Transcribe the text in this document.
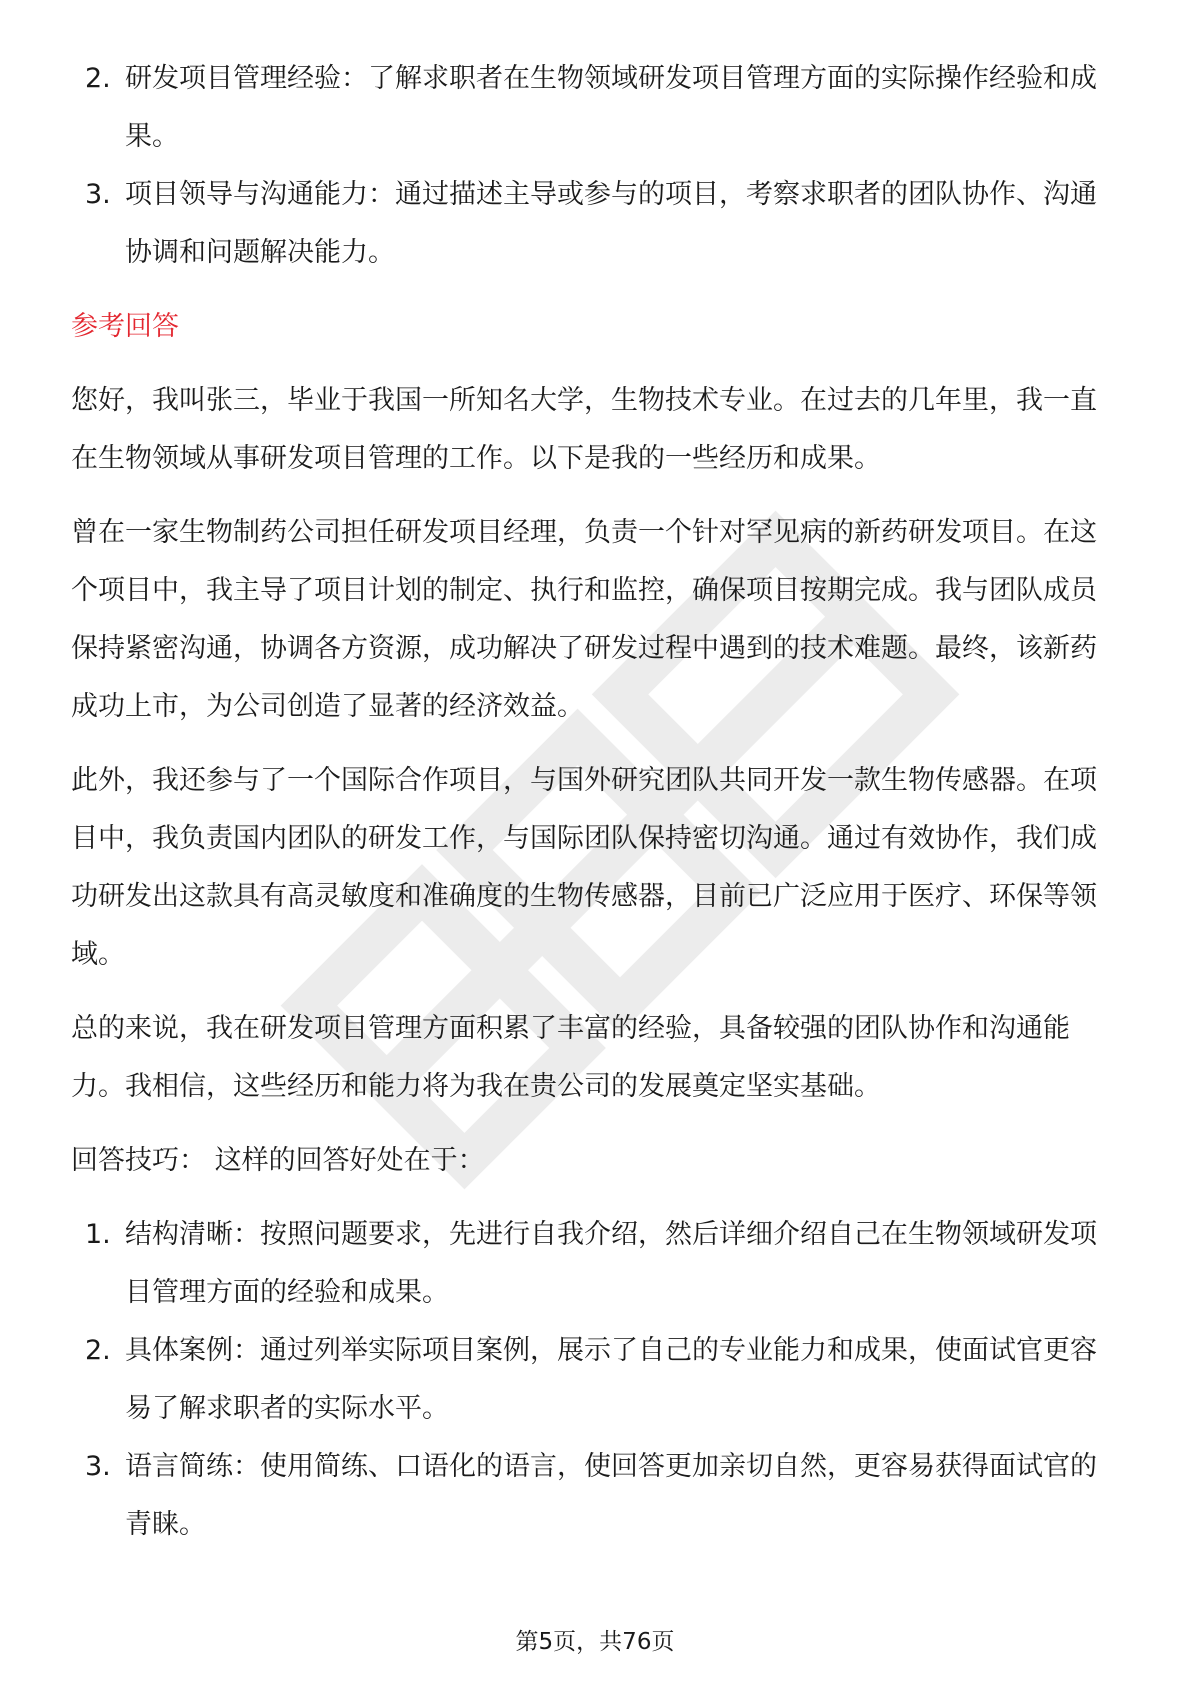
2. 研发项目管理经验：了解求职者在生物领域研发项目管理方面的实际操作经验和成果。
3. 项目领导与沟通能力：通过描述主导或参与的项目，考察求职者的团队协作、沟通协调和问题解决能力。
参考回答

您好，我叫张三，毕业于我国一所知名大学，生物技术专业。在过去的几年里，我一直在生物领域从事研发项目管理的工作。以下是我的一些经历和成果。

曾在一家生物制药公司担任研发项目经理，负责一个针对罕见病的新药研发项目。在这个项目中，我主导了项目计划的制定、执行和监控，确保项目按期完成。我与团队成员保持紧密沟通，协调各方资源，成功解决了研发过程中遇到的技术难题。最终，该新药成功上市，为公司创造了显著的经济效益。

此外，我还参与了一个国际合作项目，与国外研究团队共同开发一款生物传感器。在项目中，我负责国内团队的研发工作，与国际团队保持密切沟通。通过有效协作，我们成功研发出这款具有高灵敏度和准确度的生物传感器，目前已广泛应用于医疗、环保等领域。

总的来说，我在研发项目管理方面积累了丰富的经验，具备较强的团队协作和沟通能力。我相信，这些经历和能力将为我在贵公司的发展奠定坚实基础。

回答技巧： 这样的回答好处在于：

1. 结构清晰：按照问题要求，先进行自我介绍，然后详细介绍自己在生物领域研发项目管理方面的经验和成果。
2. 具体案例：通过列举实际项目案例，展示了自己的专业能力和成果，使面试官更容易了解求职者的实际水平。
3. 语言简练：使用简练、口语化的语言，使回答更加亲切自然，更容易获得面试官的青睐。
第5页，共76页
